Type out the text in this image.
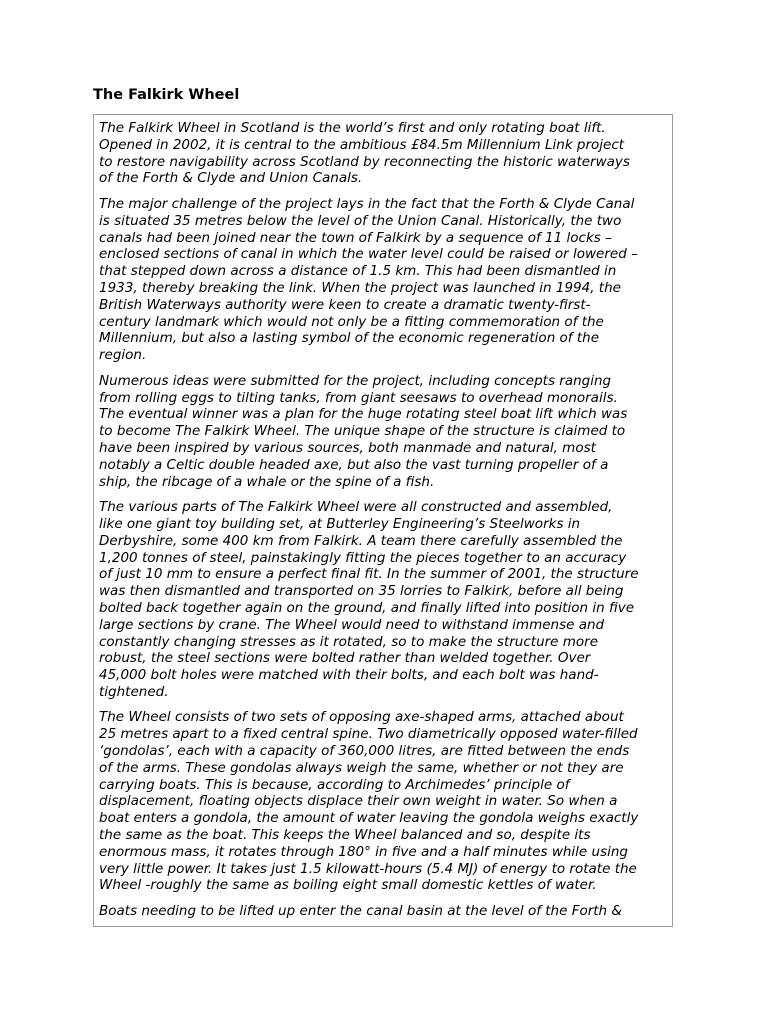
The Falkirk Wheel

The Falkirk Wheel in Scotland is the world’s first and only rotating boat lift.
Opened in 2002, it is central to the ambitious £84.5m Millennium Link project
to restore navigability across Scotland by reconnecting the historic waterways
of the Forth & Clyde and Union Canals.

The major challenge of the project lays in the fact that the Forth & Clyde Canal
is situated 35 metres below the level of the Union Canal. Historically, the two
canals had been joined near the town of Falkirk by a sequence of 11 locks –
enclosed sections of canal in which the water level could be raised or lowered –
that stepped down across a distance of 1.5 km. This had been dismantled in
1933, thereby breaking the link. When the project was launched in 1994, the
British Waterways authority were keen to create a dramatic twenty-first-
century landmark which would not only be a fitting commemoration of the
Millennium, but also a lasting symbol of the economic regeneration of the
region.

Numerous ideas were submitted for the project, including concepts ranging
from rolling eggs to tilting tanks, from giant seesaws to overhead monorails.
The eventual winner was a plan for the huge rotating steel boat lift which was
to become The Falkirk Wheel. The unique shape of the structure is claimed to
have been inspired by various sources, both manmade and natural, most
notably a Celtic double headed axe, but also the vast turning propeller of a
ship, the ribcage of a whale or the spine of a fish.

The various parts of The Falkirk Wheel were all constructed and assembled,
like one giant toy building set, at Butterley Engineering’s Steelworks in
Derbyshire, some 400 km from Falkirk. A team there carefully assembled the
1,200 tonnes of steel, painstakingly fitting the pieces together to an accuracy
of just 10 mm to ensure a perfect final fit. In the summer of 2001, the structure
was then dismantled and transported on 35 lorries to Falkirk, before all being
bolted back together again on the ground, and finally lifted into position in five
large sections by crane. The Wheel would need to withstand immense and
constantly changing stresses as it rotated, so to make the structure more
robust, the steel sections were bolted rather than welded together. Over
45,000 bolt holes were matched with their bolts, and each bolt was hand-
tightened.

The Wheel consists of two sets of opposing axe-shaped arms, attached about
25 metres apart to a fixed central spine. Two diametrically opposed water-filled
‘gondolas’, each with a capacity of 360,000 litres, are fitted between the ends
of the arms. These gondolas always weigh the same, whether or not they are
carrying boats. This is because, according to Archimedes’ principle of
displacement, floating objects displace their own weight in water. So when a
boat enters a gondola, the amount of water leaving the gondola weighs exactly
the same as the boat. This keeps the Wheel balanced and so, despite its
enormous mass, it rotates through 180° in five and a half minutes while using
very little power. It takes just 1.5 kilowatt-hours (5.4 MJ) of energy to rotate the
Wheel -roughly the same as boiling eight small domestic kettles of water.

Boats needing to be lifted up enter the canal basin at the level of the Forth &
